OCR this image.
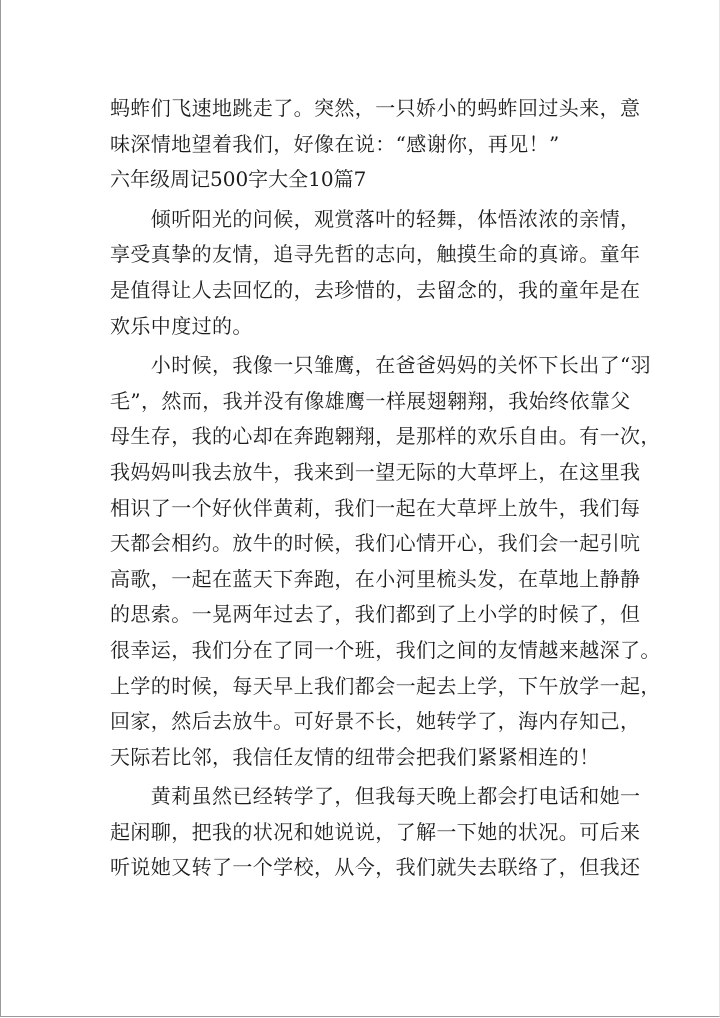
蚂蚱们飞速地跳走了。突然，一只娇小的蚂蚱回过头来，意
味深情地望着我们，好像在说：“感谢你，再见！”
六年级周记500字大全10篇7
　　倾听阳光的问候，观赏落叶的轻舞，体悟浓浓的亲情，
享受真挚的友情，追寻先哲的志向，触摸生命的真谛。童年
是值得让人去回忆的，去珍惜的，去留念的，我的童年是在
欢乐中度过的。
　　小时候，我像一只雏鹰，在爸爸妈妈的关怀下长出了“羽
毛”，然而，我并没有像雄鹰一样展翅翱翔，我始终依靠父
母生存，我的心却在奔跑翱翔，是那样的欢乐自由。有一次，
我妈妈叫我去放牛，我来到一望无际的大草坪上，在这里我
相识了一个好伙伴黄莉，我们一起在大草坪上放牛，我们每
天都会相约。放牛的时候，我们心情开心，我们会一起引吭
高歌，一起在蓝天下奔跑，在小河里梳头发，在草地上静静
的思索。一晃两年过去了，我们都到了上小学的时候了，但
很幸运，我们分在了同一个班，我们之间的友情越来越深了。
上学的时候，每天早上我们都会一起去上学，下午放学一起，
回家，然后去放牛。可好景不长，她转学了，海内存知己，
天际若比邻，我信任友情的纽带会把我们紧紧相连的！
　　黄莉虽然已经转学了，但我每天晚上都会打电话和她一
起闲聊，把我的状况和她说说，了解一下她的状况。可后来
听说她又转了一个学校，从今，我们就失去联络了，但我还
